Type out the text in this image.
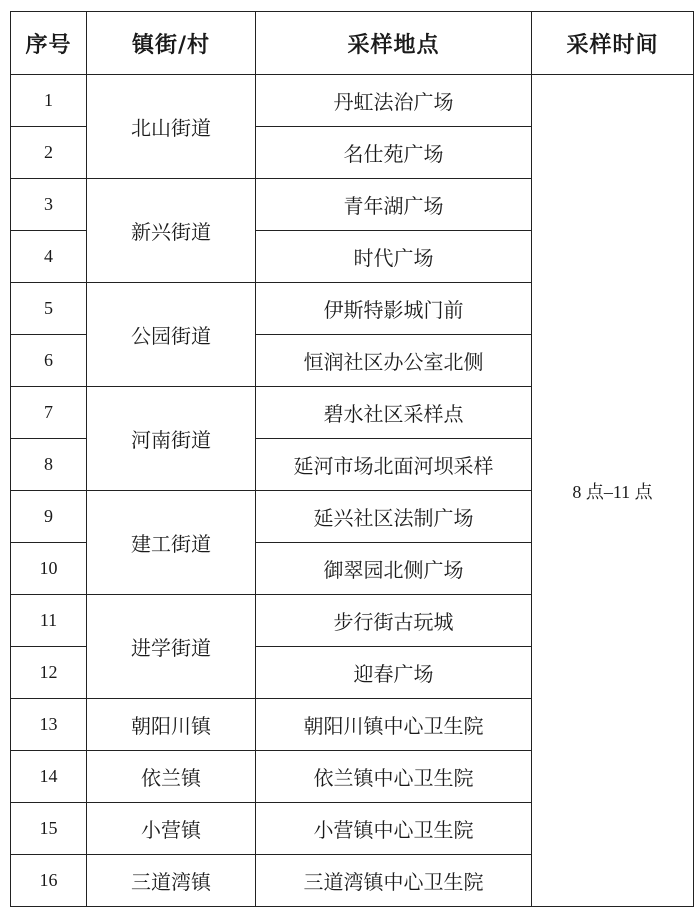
序号	镇街/村	采样地点	采样时间
1	北山街道	丹虹法治广场	8 点–11 点
2		名仕苑广场	
3	新兴街道	青年湖广场	
4		时代广场	
5	公园街道	伊斯特影城门前	
6		恒润社区办公室北侧	
7	河南街道	碧水社区采样点	
8		延河市场北面河坝采样	
9	建工街道	延兴社区法制广场	
10		御翠园北侧广场	
11	进学街道	步行街古玩城	
12		迎春广场	
13	朝阳川镇	朝阳川镇中心卫生院	
14	依兰镇	依兰镇中心卫生院	
15	小营镇	小营镇中心卫生院	
16	三道湾镇	三道湾镇中心卫生院	
